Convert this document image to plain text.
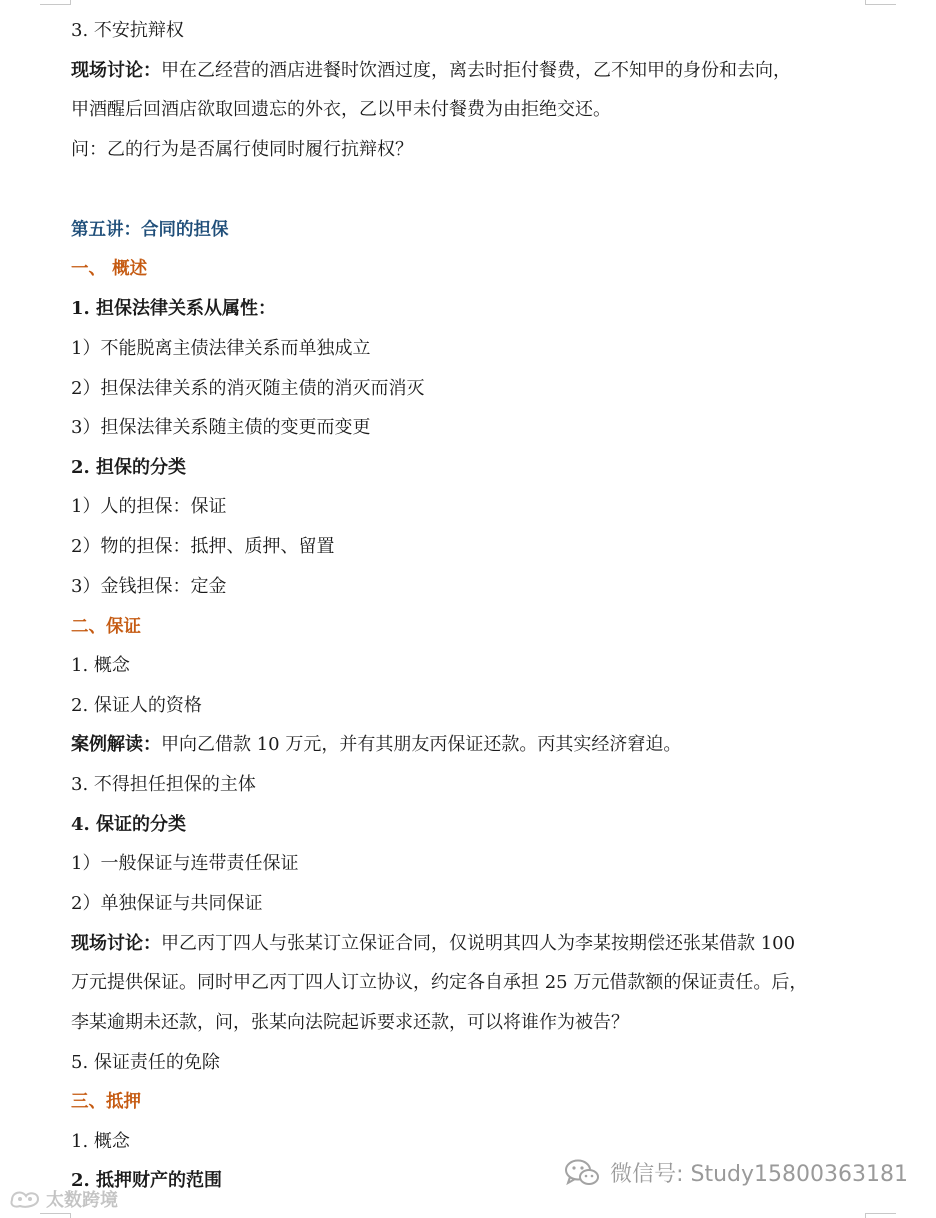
3. 不安抗辩权
现场讨论：甲在乙经营的酒店进餐时饮酒过度，离去时拒付餐费，乙不知甲的身份和去向，
甲酒醒后回酒店欲取回遗忘的外衣，乙以甲未付餐费为由拒绝交还。
问：乙的行为是否属行使同时履行抗辩权？
第五讲：合同的担保
一、 概述
1. 担保法律关系从属性：
1）不能脱离主债法律关系而单独成立
2）担保法律关系的消灭随主债的消灭而消灭
3）担保法律关系随主债的变更而变更
2. 担保的分类
1）人的担保：保证
2）物的担保：抵押、质押、留置
3）金钱担保：定金
二、保证
1. 概念
2. 保证人的资格
案例解读：甲向乙借款 10 万元，并有其朋友丙保证还款。丙其实经济窘迫。
3. 不得担任担保的主体
4. 保证的分类
1）一般保证与连带责任保证
2）单独保证与共同保证
现场讨论：甲乙丙丁四人与张某订立保证合同，仅说明其四人为李某按期偿还张某借款 100
万元提供保证。同时甲乙丙丁四人订立协议，约定各自承担 25 万元借款额的保证责任。后，
李某逾期未还款，问，张某向法院起诉要求还款，可以将谁作为被告？
5. 保证责任的免除
三、抵押
1. 概念
2. 抵押财产的范围
太数跨境
微信号: Study15800363181
